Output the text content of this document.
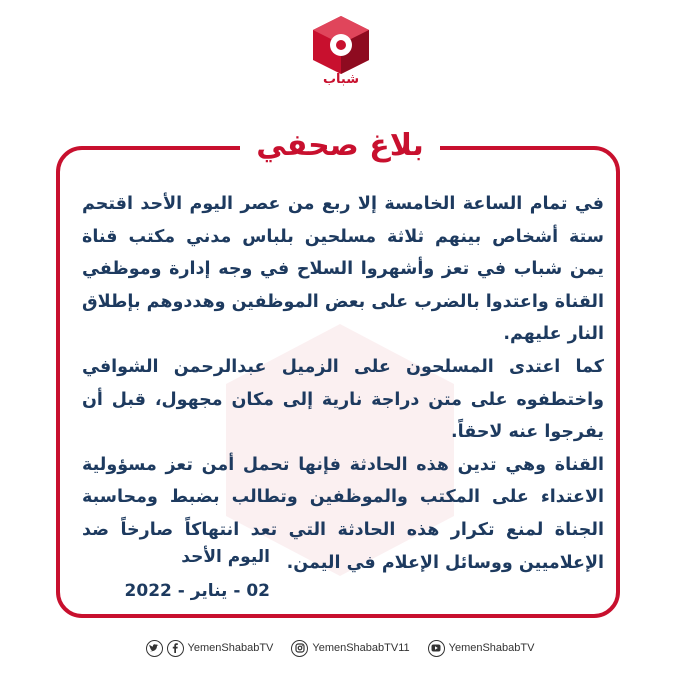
شباب
بلاغ صحفي

في تمام الساعة الخامسة إلا ربع من عصر اليوم الأحد اقتحم ستة أشخاص بينهم ثلاثة مسلحين بلباس مدني مكتب قناة يمن شباب في تعز وأشهروا السلاح في وجه إدارة وموظفي القناة واعتدوا بالضرب على بعض الموظفين وهددوهم بإطلاق النار عليهم.

كما اعتدى المسلحون على الزميل عبدالرحمن الشوافي واختطفوه على متن دراجة نارية إلى مكان مجهول، قبل أن يفرجوا عنه لاحقاً.

القناة وهي تدين هذه الحادثة فإنها تحمل أمن تعز مسؤولية الاعتداء على المكتب والموظفين وتطالب بضبط ومحاسبة الجناة لمنع تكرار هذه الحادثة التي تعد انتهاكاً صارخاً ضد الإعلاميين ووسائل الإعلام في اليمن.

اليوم الأحد
02 - يناير - 2022
YemenShababTV	YemenShababTV11	YemenShababTV
